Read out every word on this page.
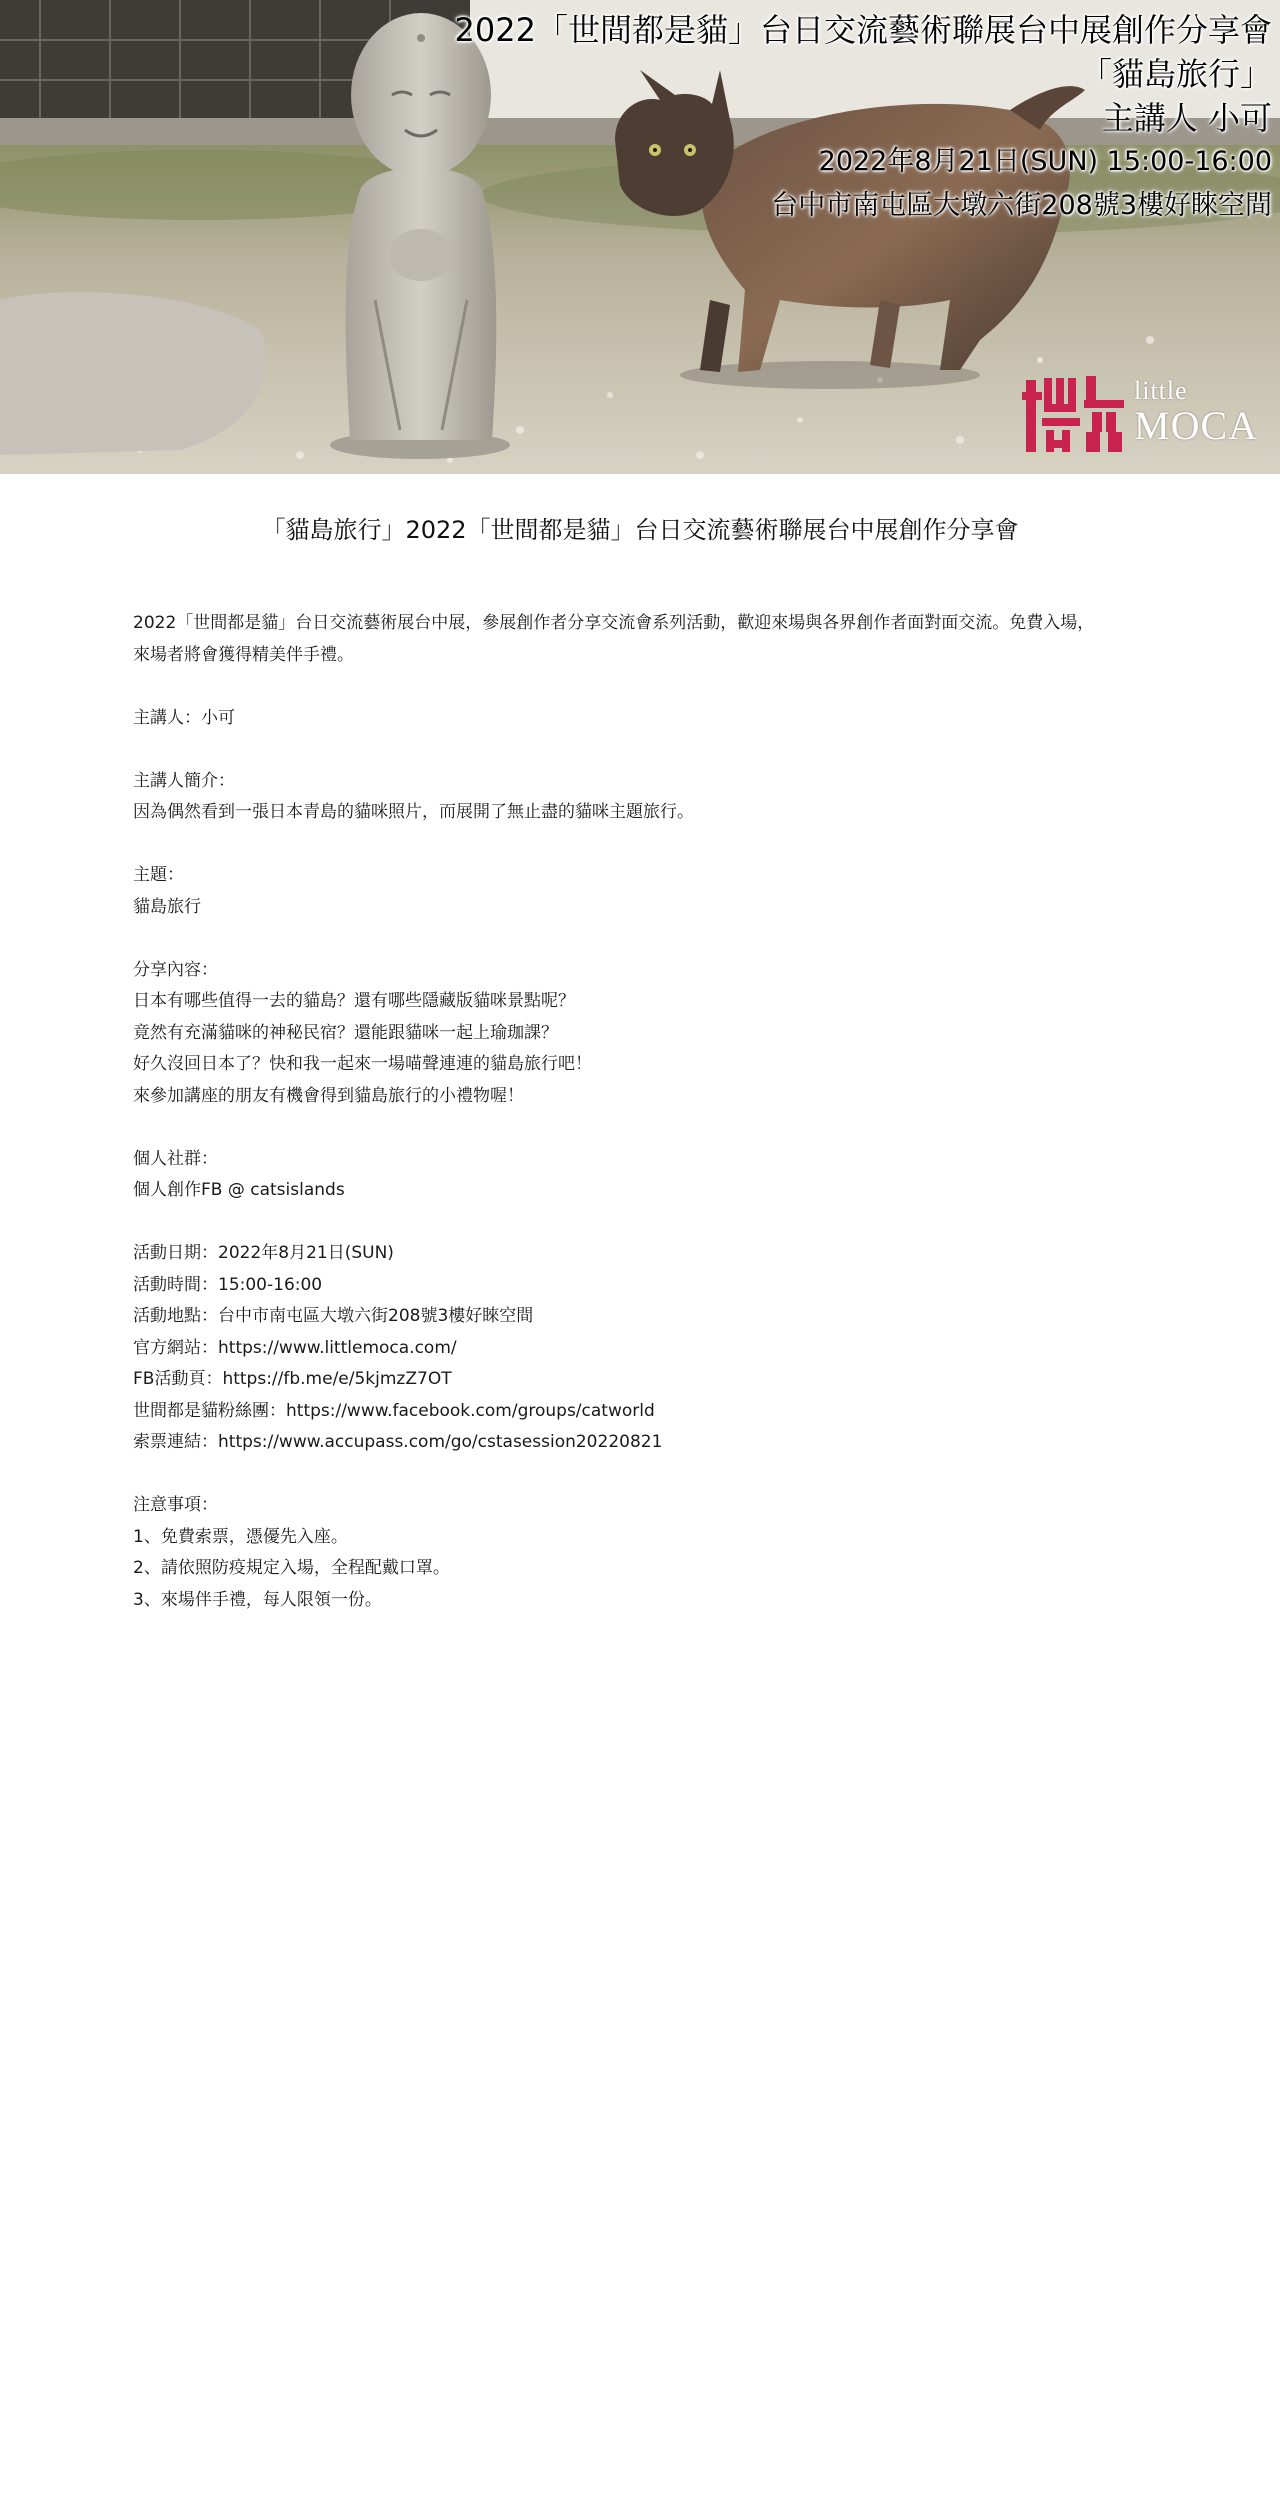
2022「世間都是貓」台日交流藝術聯展台中展創作分享會
「貓島旅行」
主講人 小可
2022年8月21日(SUN) 15:00-16:00
台中市南屯區大墩六街208號3樓好睞空間
little
MOCA
「貓島旅行」2022「世間都是貓」台日交流藝術聯展台中展創作分享會

2022「世間都是貓」台日交流藝術展台中展，參展創作者分享交流會系列活動，歡迎來場與各界創作者面對面交流。免費入場，

來場者將會獲得精美伴手禮。

主講人：小可

主講人簡介：

因為偶然看到一張日本青島的貓咪照片，而展開了無止盡的貓咪主題旅行。

主題：

貓島旅行

分享內容：

日本有哪些值得一去的貓島？還有哪些隱藏版貓咪景點呢？

竟然有充滿貓咪的神秘民宿？還能跟貓咪一起上瑜珈課？

好久沒回日本了？快和我一起來一場喵聲連連的貓島旅行吧！

來參加講座的朋友有機會得到貓島旅行的小禮物喔！

個人社群：

個人創作FB @ catsislands

活動日期：2022年8月21日(SUN)

活動時間：15:00-16:00

活動地點：台中市南屯區大墩六街208號3樓好睞空間

官方網站：https://www.littlemoca.com/

FB活動頁：https://fb.me/e/5kjmzZ7OT

世間都是貓粉絲團：https://www.facebook.com/groups/catworld

索票連結：https://www.accupass.com/go/cstasession20220821

注意事項：

1、免費索票，憑優先入座。

2、請依照防疫規定入場，全程配戴口罩。

3、來場伴手禮，每人限領一份。
